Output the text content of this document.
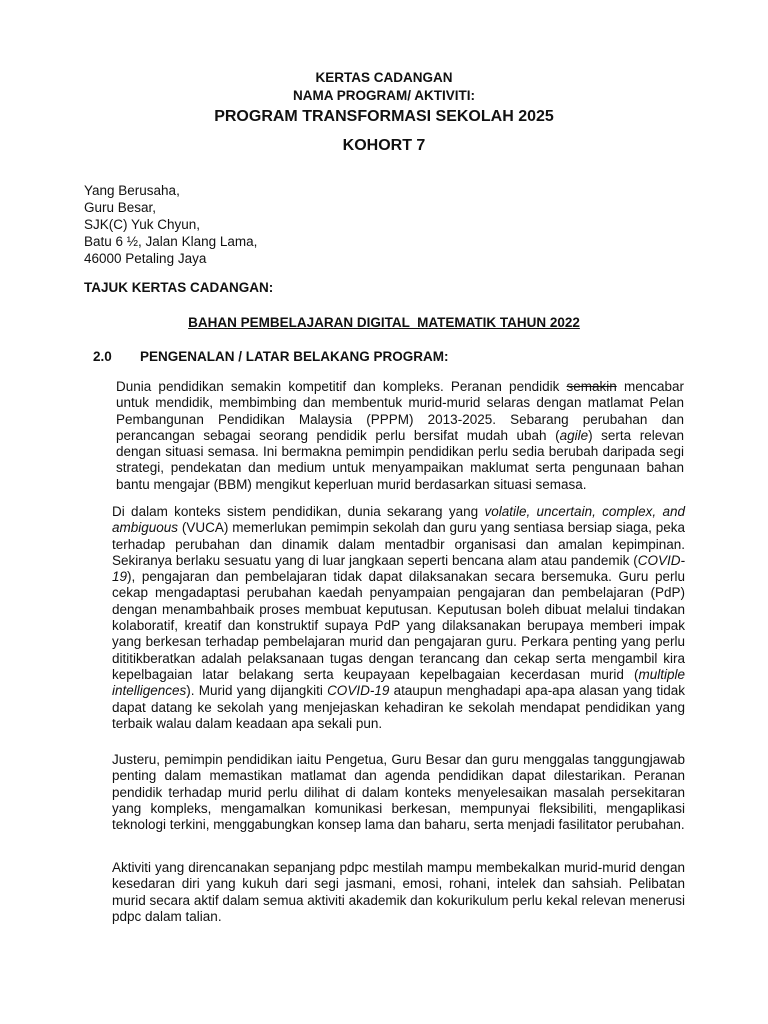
KERTAS CADANGAN
NAMA PROGRAM/ AKTIVITI:
PROGRAM TRANSFORMASI SEKOLAH 2025
KOHORT 7
Yang Berusaha,
Guru Besar,
SJK(C) Yuk Chyun,
Batu 6 ½, Jalan Klang Lama,
46000 Petaling Jaya
TAJUK KERTAS CADANGAN:
BAHAN PEMBELAJARAN DIGITAL  MATEMATIK TAHUN 2022
2.0 PENGENALAN / LATAR BELAKANG PROGRAM:
Dunia pendidikan semakin kompetitif dan kompleks. Peranan pendidik semakin mencabar untuk mendidik, membimbing dan membentuk murid-murid selaras dengan matlamat Pelan Pembangunan Pendidikan Malaysia (PPPM) 2013-2025. Sebarang perubahan dan perancangan sebagai seorang pendidik perlu bersifat mudah ubah (agile) serta relevan dengan situasi semasa. Ini bermakna pemimpin pendidikan perlu sedia berubah daripada segi strategi, pendekatan dan medium untuk menyampaikan maklumat serta pengunaan bahan bantu mengajar (BBM) mengikut keperluan murid berdasarkan situasi semasa.
Di dalam konteks sistem pendidikan, dunia sekarang yang volatile, uncertain, complex, and ambiguous (VUCA) memerlukan pemimpin sekolah dan guru yang sentiasa bersiap siaga, peka terhadap perubahan dan dinamik dalam mentadbir organisasi dan amalan kepimpinan. Sekiranya berlaku sesuatu yang di luar jangkaan seperti bencana alam atau pandemik (COVID-19), pengajaran dan pembelajaran tidak dapat dilaksanakan secara bersemuka. Guru perlu cekap mengadaptasi perubahan kaedah penyampaian pengajaran dan pembelajaran (PdP) dengan menambahbaik proses membuat keputusan. Keputusan boleh dibuat melalui tindakan kolaboratif, kreatif dan konstruktif supaya PdP yang dilaksanakan berupaya memberi impak yang berkesan terhadap pembelajaran murid dan pengajaran guru. Perkara penting yang perlu dititikberatkan adalah pelaksanaan tugas dengan terancang dan cekap serta mengambil kira kepelbagaian latar belakang serta keupayaan kepelbagaian kecerdasan murid (multiple intelligences). Murid yang dijangkiti COVID-19 ataupun menghadapi apa-apa alasan yang tidak dapat datang ke sekolah yang menjejaskan kehadiran ke sekolah mendapat pendidikan yang terbaik walau dalam keadaan apa sekali pun.
Justeru, pemimpin pendidikan iaitu Pengetua, Guru Besar dan guru menggalas tanggungjawab penting dalam memastikan matlamat dan agenda pendidikan dapat dilestarikan. Peranan pendidik terhadap murid perlu dilihat di dalam konteks menyelesaikan masalah persekitaran yang kompleks, mengamalkan komunikasi berkesan, mempunyai fleksibiliti, mengaplikasi teknologi terkini, menggabungkan konsep lama dan baharu, serta menjadi fasilitator perubahan.
Aktiviti yang direncanakan sepanjang pdpc mestilah mampu membekalkan murid-murid dengan kesedaran diri yang kukuh dari segi jasmani, emosi, rohani, intelek dan sahsiah. Pelibatan murid secara aktif dalam semua aktiviti akademik dan kokurikulum perlu kekal relevan menerusi pdpc dalam talian.
